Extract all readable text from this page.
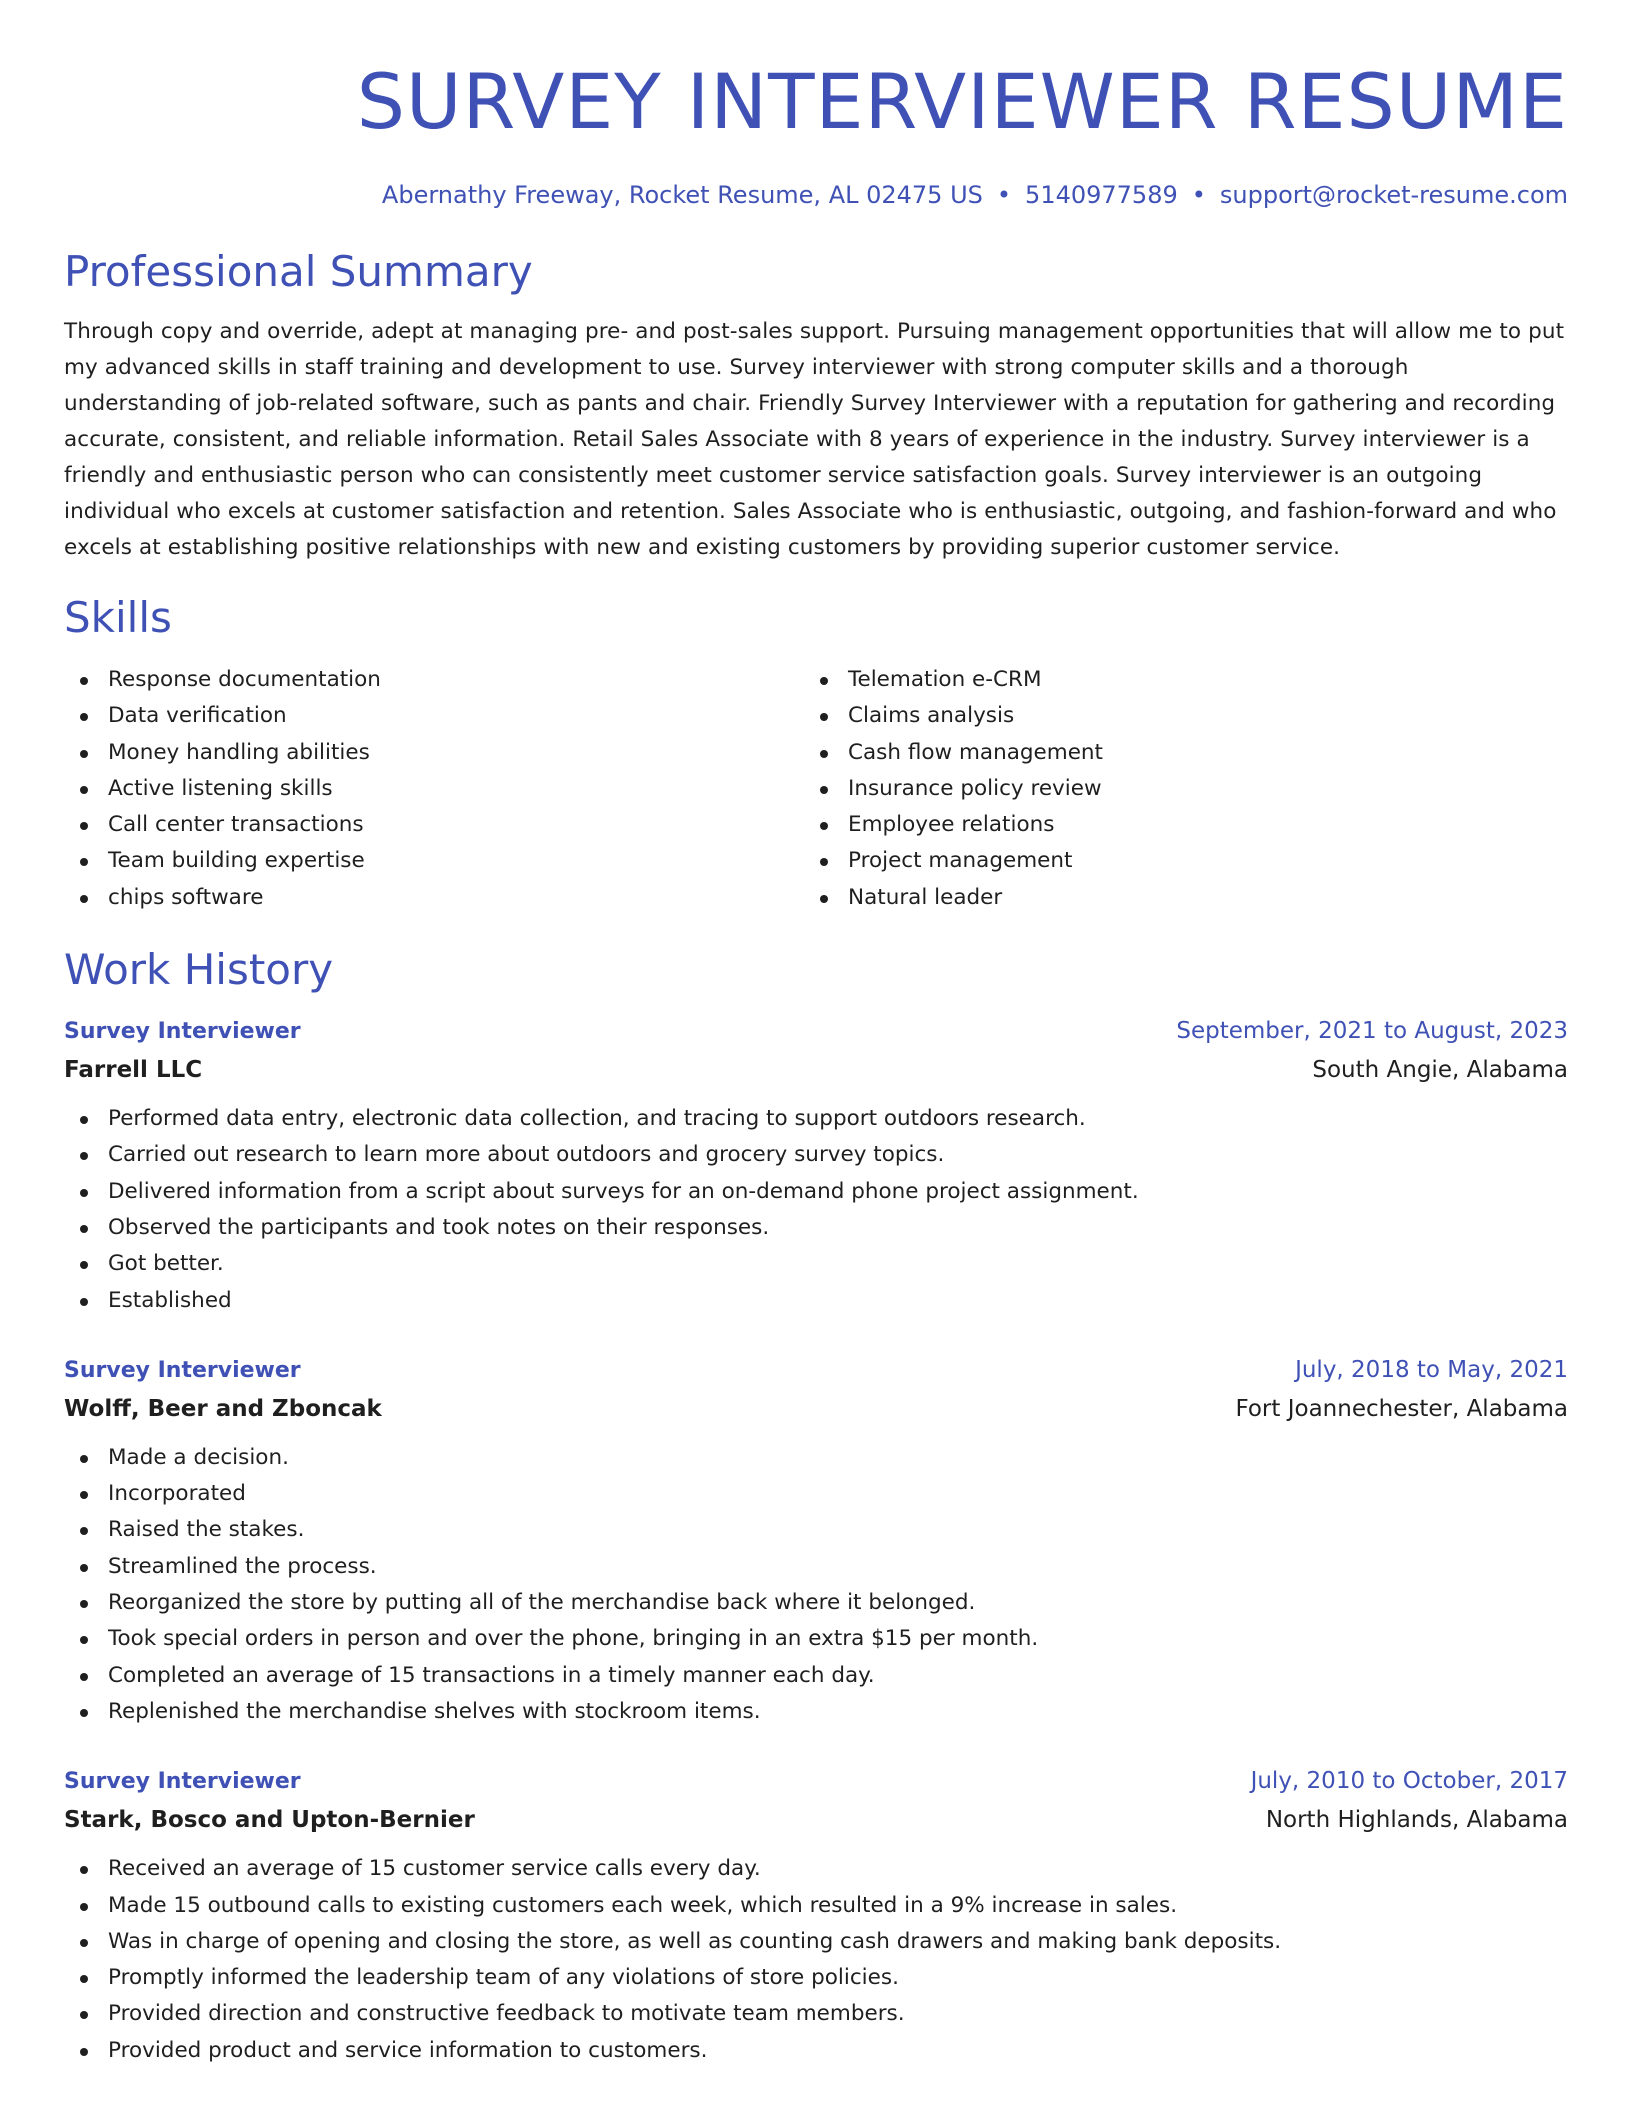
SURVEY INTERVIEWER RESUME
Abernathy Freeway, Rocket Resume, AL 02475 US • 5140977589 • support@rocket-resume.com
Professional Summary
Through copy and override, adept at managing pre- and post-sales support. Pursuing management opportunities that will allow me to put my advanced skills in staff training and development to use. Survey interviewer with strong computer skills and a thorough understanding of job-related software, such as pants and chair. Friendly Survey Interviewer with a reputation for gathering and recording accurate, consistent, and reliable information. Retail Sales Associate with 8 years of experience in the industry. Survey interviewer is a friendly and enthusiastic person who can consistently meet customer service satisfaction goals. Survey interviewer is an outgoing individual who excels at customer satisfaction and retention. Sales Associate who is enthusiastic, outgoing, and fashion-forward and who excels at establishing positive relationships with new and existing customers by providing superior customer service.
Skills
Response documentation
Data verification
Money handling abilities
Active listening skills
Call center transactions
Team building expertise
chips software
Telemation e-CRM
Claims analysis
Cash flow management
Insurance policy review
Employee relations
Project management
Natural leader
Work History
Survey Interviewer	September, 2021 to August, 2023
Farrell LLC	South Angie, Alabama
Performed data entry, electronic data collection, and tracing to support outdoors research.
Carried out research to learn more about outdoors and grocery survey topics.
Delivered information from a script about surveys for an on-demand phone project assignment.
Observed the participants and took notes on their responses.
Got better.
Established
Survey Interviewer	July, 2018 to May, 2021
Wolff, Beer and Zboncak	Fort Joannechester, Alabama
Made a decision.
Incorporated
Raised the stakes.
Streamlined the process.
Reorganized the store by putting all of the merchandise back where it belonged.
Took special orders in person and over the phone, bringing in an extra $15 per month.
Completed an average of 15 transactions in a timely manner each day.
Replenished the merchandise shelves with stockroom items.
Survey Interviewer	July, 2010 to October, 2017
Stark, Bosco and Upton-Bernier	North Highlands, Alabama
Received an average of 15 customer service calls every day.
Made 15 outbound calls to existing customers each week, which resulted in a 9% increase in sales.
Was in charge of opening and closing the store, as well as counting cash drawers and making bank deposits.
Promptly informed the leadership team of any violations of store policies.
Provided direction and constructive feedback to motivate team members.
Provided product and service information to customers.
